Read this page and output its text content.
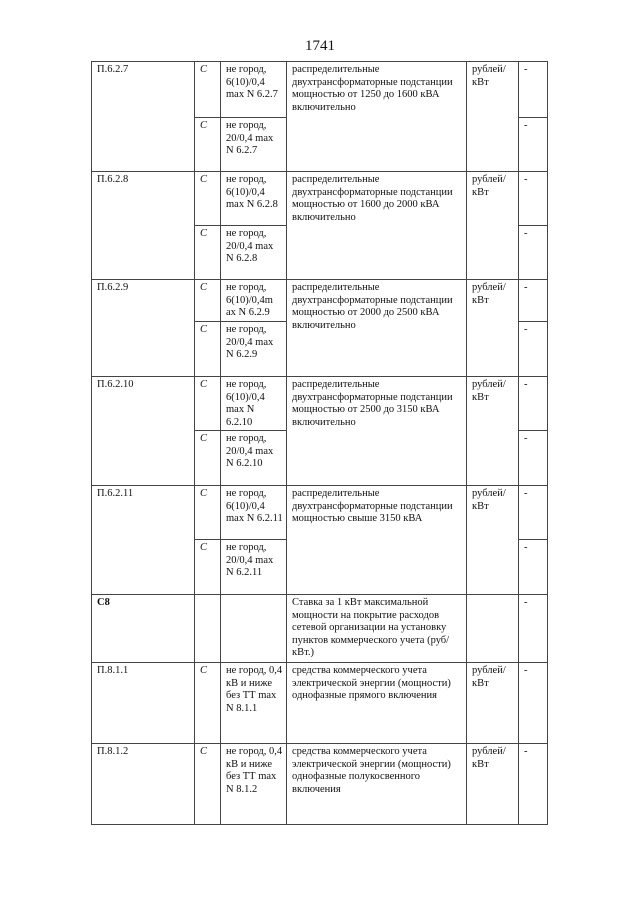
1741
П.6.2.7	С	не город, 6(10)/0,4 max N 6.2.7	распределительные двухтрансформаторные подстанции мощностью от 1250 до 1600 кВА включительно	рублей/ кВт	-
	С	не город, 20/0,4 max N 6.2.7			-
П.6.2.8	С	не город, 6(10)/0,4 max N 6.2.8	распределительные двухтрансформаторные подстанции мощностью от 1600 до 2000 кВА включительно	рублей/ кВт	-
	С	не город, 20/0,4 max N 6.2.8			-
П.6.2.9	С	не город, 6(10)/0,4m ax N 6.2.9	распределительные двухтрансформаторные подстанции мощностью от 2000 до 2500 кВА включительно	рублей/ кВт	-
	С	не город, 20/0,4 max N 6.2.9			-
П.6.2.10	С	не город, 6(10)/0,4 max N 6.2.10	распределительные двухтрансформаторные подстанции мощностью от 2500 до 3150 кВА включительно	рублей/ кВт	-
	С	не город, 20/0,4 max N 6.2.10			-
П.6.2.11	С	не город, 6(10)/0,4 max N 6.2.11	распределительные двухтрансформаторные подстанции мощностью свыше 3150 кВА	рублей/ кВт	-
	С	не город, 20/0,4 max N 6.2.11			-
С8			Ставка за 1 кВт максимальной мощности на покрытие расходов сетевой организации на установку пунктов коммерческого учета (руб/кВт.)		-
П.8.1.1	С	не город, 0,4 кВ и ниже без ТТ max N 8.1.1	средства коммерческого учета электрической энергии (мощности) однофазные прямого включения	рублей/ кВт	-
П.8.1.2	С	не город, 0,4 кВ и ниже без ТТ max N 8.1.2	средства коммерческого учета электрической энергии (мощности) однофазные полукосвенного включения	рублей/ кВт	-
